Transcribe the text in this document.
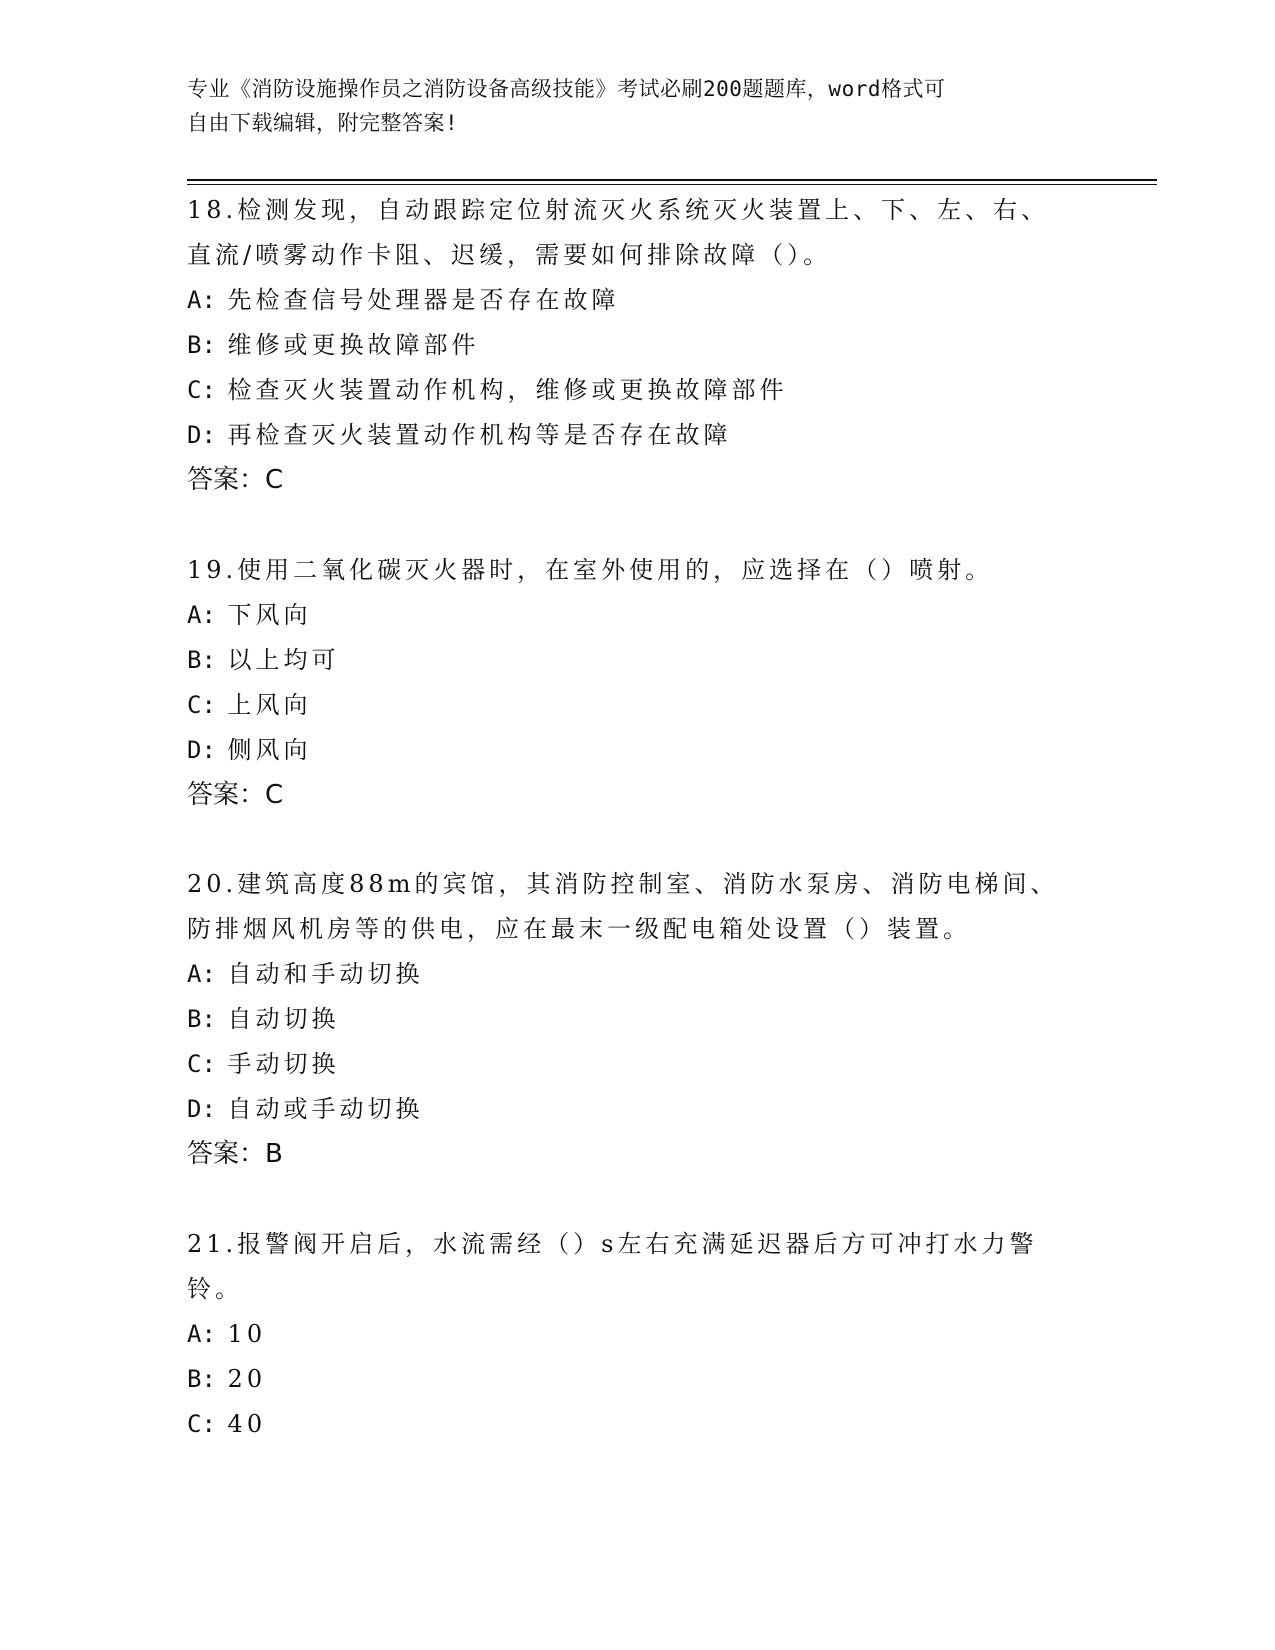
专业《消防设施操作员之消防设备高级技能》考试必刷200题题库，word格式可
自由下载编辑，附完整答案!

18.检测发现，自动跟踪定位射流灭火系统灭火装置上、下、左、右、

直流/喷雾动作卡阻、迟缓，需要如何排除故障（）。

A: 先检查信号处理器是否存在故障

B: 维修或更换故障部件

C: 检查灭火装置动作机构，维修或更换故障部件

D: 再检查灭火装置动作机构等是否存在故障

答案：C

19.使用二氧化碳灭火器时，在室外使用的，应选择在（）喷射。

A: 下风向

B: 以上均可

C: 上风向

D: 侧风向

答案：C

20.建筑高度88m的宾馆，其消防控制室、消防水泵房、消防电梯间、

防排烟风机房等的供电，应在最末一级配电箱处设置（）装置。

A: 自动和手动切换

B: 自动切换

C: 手动切换

D: 自动或手动切换

答案：B

21.报警阀开启后，水流需经（）s左右充满延迟器后方可冲打水力警

铃。

A: 10

B: 20

C: 40
